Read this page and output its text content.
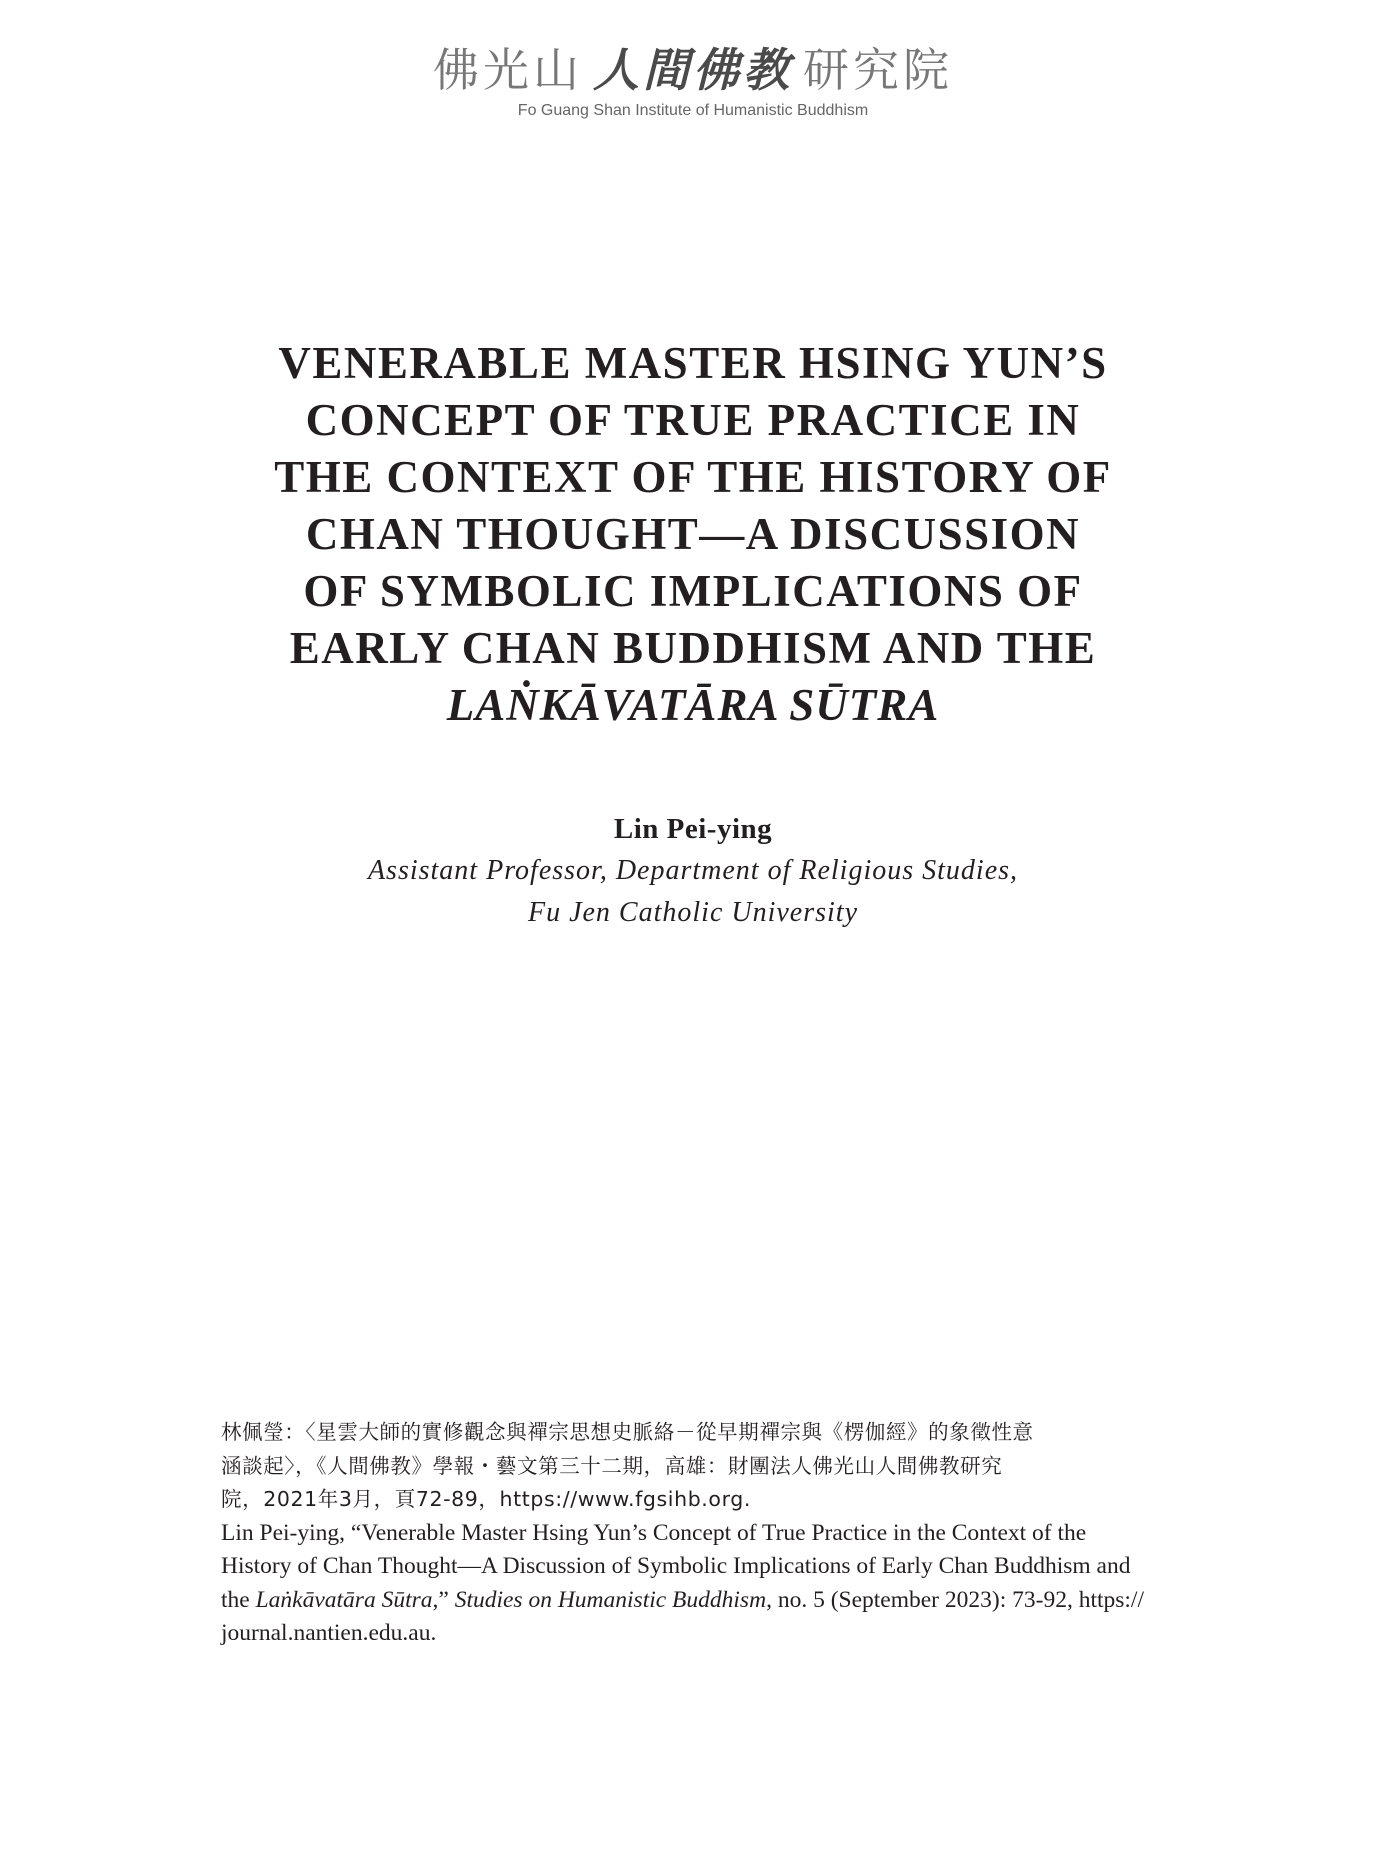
佛光山 人間佛教 研究院
Fo Guang Shan Institute of Humanistic Buddhism
VENERABLE MASTER HSING YUN’S
CONCEPT OF TRUE PRACTICE IN
THE CONTEXT OF THE HISTORY OF
CHAN THOUGHT—A DISCUSSION
OF SYMBOLIC IMPLICATIONS OF
EARLY CHAN BUDDHISM AND THE
LAṄKĀVATĀRA SŪTRA
Lin Pei-ying
Assistant Professor, Department of Religious Studies,
Fu Jen Catholic University
林佩瑩：〈星雲大師的實修觀念與禪宗思想史脈絡－從早期禪宗與《楞伽經》的象徵性意
涵談起〉，《人間佛教》學報・藝文第三十二期，高雄：財團法人佛光山人間佛教研究
院，2021年3月，頁72-89，https://www.fgsihb.org.
Lin Pei-ying, “Venerable Master Hsing Yun’s Concept of True Practice in the Context of the
History of Chan Thought—A Discussion of Symbolic Implications of Early Chan Buddhism and
the Laṅkāvatāra Sūtra,” Studies on Humanistic Buddhism, no. 5 (September 2023): 73-92, https://
journal.nantien.edu.au.
